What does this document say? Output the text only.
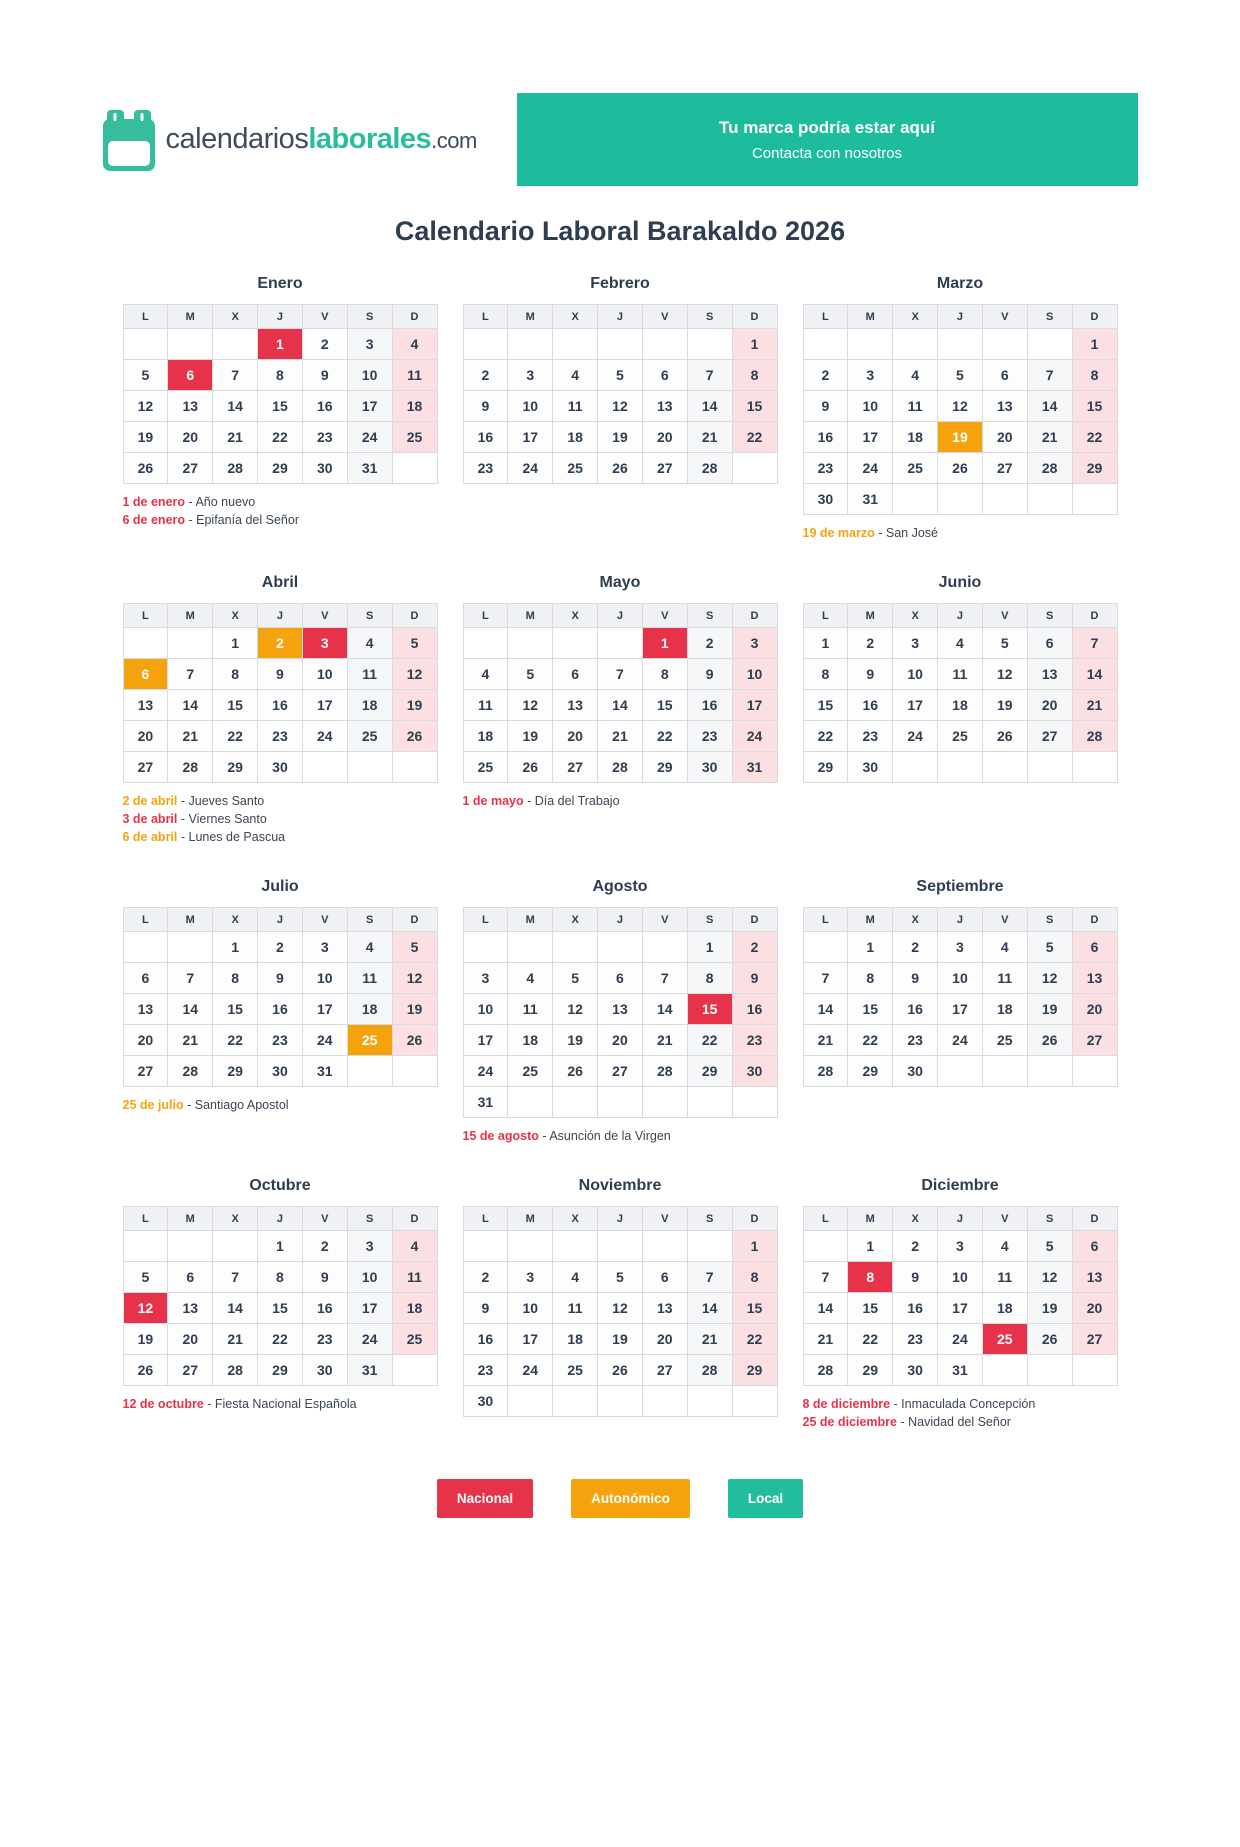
calendarioslaborales.com
Tu marca podría estar aquí
Contacta con nosotros
Calendario Laboral Barakaldo 2026
Enero
L	M	X	J	V	S	D
			1	2	3	4
5	6	7	8	9	10	11
12	13	14	15	16	17	18
19	20	21	22	23	24	25
26	27	28	29	30	31	

1 de enero - Año nuevo

6 de enero - Epifanía del Señor

Febrero
L	M	X	J	V	S	D
						1
2	3	4	5	6	7	8
9	10	11	12	13	14	15
16	17	18	19	20	21	22
23	24	25	26	27	28	
Marzo
L	M	X	J	V	S	D
						1
2	3	4	5	6	7	8
9	10	11	12	13	14	15
16	17	18	19	20	21	22
23	24	25	26	27	28	29
30	31					

19 de marzo - San José

Abril
L	M	X	J	V	S	D
		1	2	3	4	5
6	7	8	9	10	11	12
13	14	15	16	17	18	19
20	21	22	23	24	25	26
27	28	29	30			

2 de abril - Jueves Santo

3 de abril - Viernes Santo

6 de abril - Lunes de Pascua

Mayo
L	M	X	J	V	S	D
				1	2	3
4	5	6	7	8	9	10
11	12	13	14	15	16	17
18	19	20	21	22	23	24
25	26	27	28	29	30	31

1 de mayo - Día del Trabajo

Junio
L	M	X	J	V	S	D
1	2	3	4	5	6	7
8	9	10	11	12	13	14
15	16	17	18	19	20	21
22	23	24	25	26	27	28
29	30					
Julio
L	M	X	J	V	S	D
		1	2	3	4	5
6	7	8	9	10	11	12
13	14	15	16	17	18	19
20	21	22	23	24	25	26
27	28	29	30	31		

25 de julio - Santiago Apostol

Agosto
L	M	X	J	V	S	D
					1	2
3	4	5	6	7	8	9
10	11	12	13	14	15	16
17	18	19	20	21	22	23
24	25	26	27	28	29	30
31						

15 de agosto - Asunción de la Virgen

Septiembre
L	M	X	J	V	S	D
	1	2	3	4	5	6
7	8	9	10	11	12	13
14	15	16	17	18	19	20
21	22	23	24	25	26	27
28	29	30				
Octubre
L	M	X	J	V	S	D
			1	2	3	4
5	6	7	8	9	10	11
12	13	14	15	16	17	18
19	20	21	22	23	24	25
26	27	28	29	30	31	

12 de octubre - Fiesta Nacional Española

Noviembre
L	M	X	J	V	S	D
						1
2	3	4	5	6	7	8
9	10	11	12	13	14	15
16	17	18	19	20	21	22
23	24	25	26	27	28	29
30						
Diciembre
L	M	X	J	V	S	D
	1	2	3	4	5	6
7	8	9	10	11	12	13
14	15	16	17	18	19	20
21	22	23	24	25	26	27
28	29	30	31			

8 de diciembre - Inmaculada Concepción

25 de diciembre - Navidad del Señor

Nacional	Autonómico	Local
